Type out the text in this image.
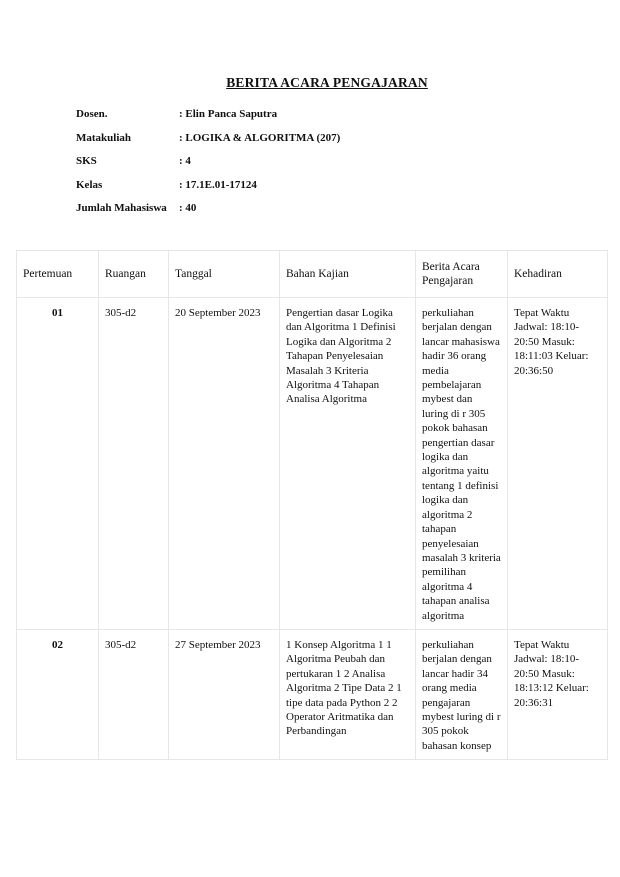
BERITA ACARA PENGAJARAN
Dosen.	: Elin Panca Saputra
Matakuliah	: LOGIKA & ALGORITMA (207)
SKS	: 4
Kelas	: 17.1E.01-17124
Jumlah Mahasiswa	: 40
Pertemuan	Ruangan	Tanggal	Bahan Kajian	Berita Acara Pengajaran	Kehadiran
01	305-d2	20 September 2023	Pengertian dasar Logika dan Algoritma 1 Definisi Logika dan Algoritma 2 Tahapan Penyelesaian Masalah 3 Kriteria Algoritma 4 Tahapan Analisa Algoritma	perkuliahan berjalan dengan lancar mahasiswa hadir 36 orang media pembelajaran mybest dan luring di r 305 pokok bahasan pengertian dasar logika dan algoritma yaitu tentang 1 definisi logika dan algoritma 2 tahapan penyelesaian masalah 3 kriteria pemilihan algoritma 4 tahapan analisa algoritma	Tepat Waktu Jadwal: 18:10-20:50 Masuk: 18:11:03 Keluar: 20:36:50
02	305-d2	27 September 2023	1 Konsep Algoritma 1 1 Algoritma Peubah dan pertukaran 1 2 Analisa Algoritma 2 Tipe Data 2 1 tipe data pada Python 2 2 Operator Aritmatika dan Perbandingan	perkuliahan berjalan dengan lancar hadir 34 orang media pengajaran mybest luring di r 305 pokok bahasan konsep	Tepat Waktu Jadwal: 18:10-20:50 Masuk: 18:13:12 Keluar: 20:36:31
